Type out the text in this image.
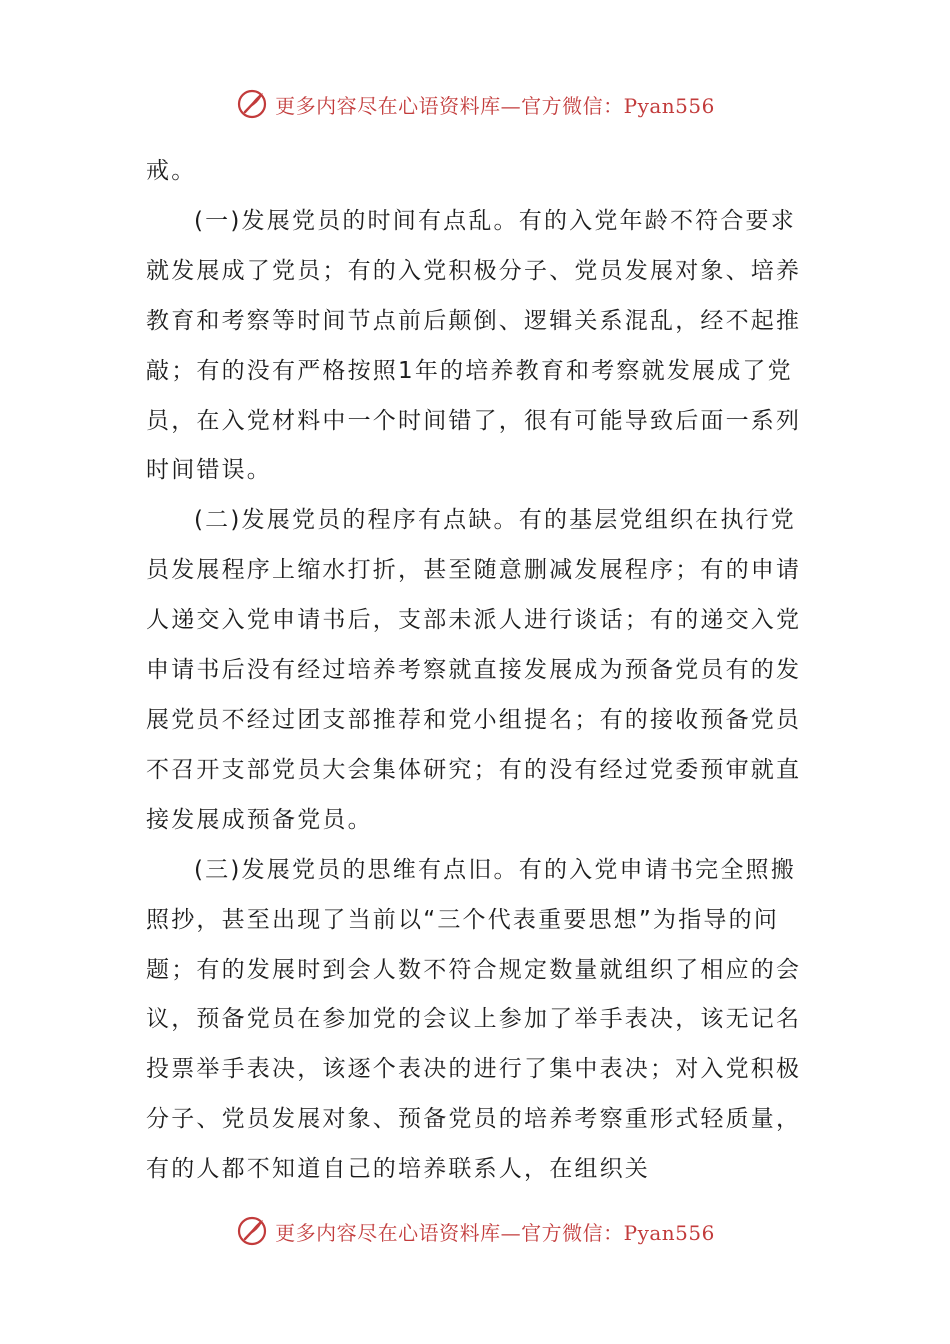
更多内容尽在心语资料库—官方微信：Pyan556

戒。

(一)发展党员的时间有点乱。有的入党年龄不符合要求就发展成了党员；有的入党积极分子、党员发展对象、培养教育和考察等时间节点前后颠倒、逻辑关系混乱，经不起推敲；有的没有严格按照1年的培养教育和考察就发展成了党员，在入党材料中一个时间错了，很有可能导致后面一系列时间错误。

(二)发展党员的程序有点缺。有的基层党组织在执行党员发展程序上缩水打折，甚至随意删减发展程序；有的申请人递交入党申请书后，支部未派人进行谈话；有的递交入党申请书后没有经过培养考察就直接发展成为预备党员有的发展党员不经过团支部推荐和党小组提名；有的接收预备党员不召开支部党员大会集体研究；有的没有经过党委预审就直接发展成预备党员。

(三)发展党员的思维有点旧。有的入党申请书完全照搬照抄，甚至出现了当前以“三个代表重要思想”为指导的问题；有的发展时到会人数不符合规定数量就组织了相应的会议，预备党员在参加党的会议上参加了举手表决，该无记名投票举手表决，该逐个表决的进行了集中表决；对入党积极分子、党员发展对象、预备党员的培养考察重形式轻质量，有的人都不知道自己的培养联系人，在组织关

更多内容尽在心语资料库—官方微信：Pyan556
